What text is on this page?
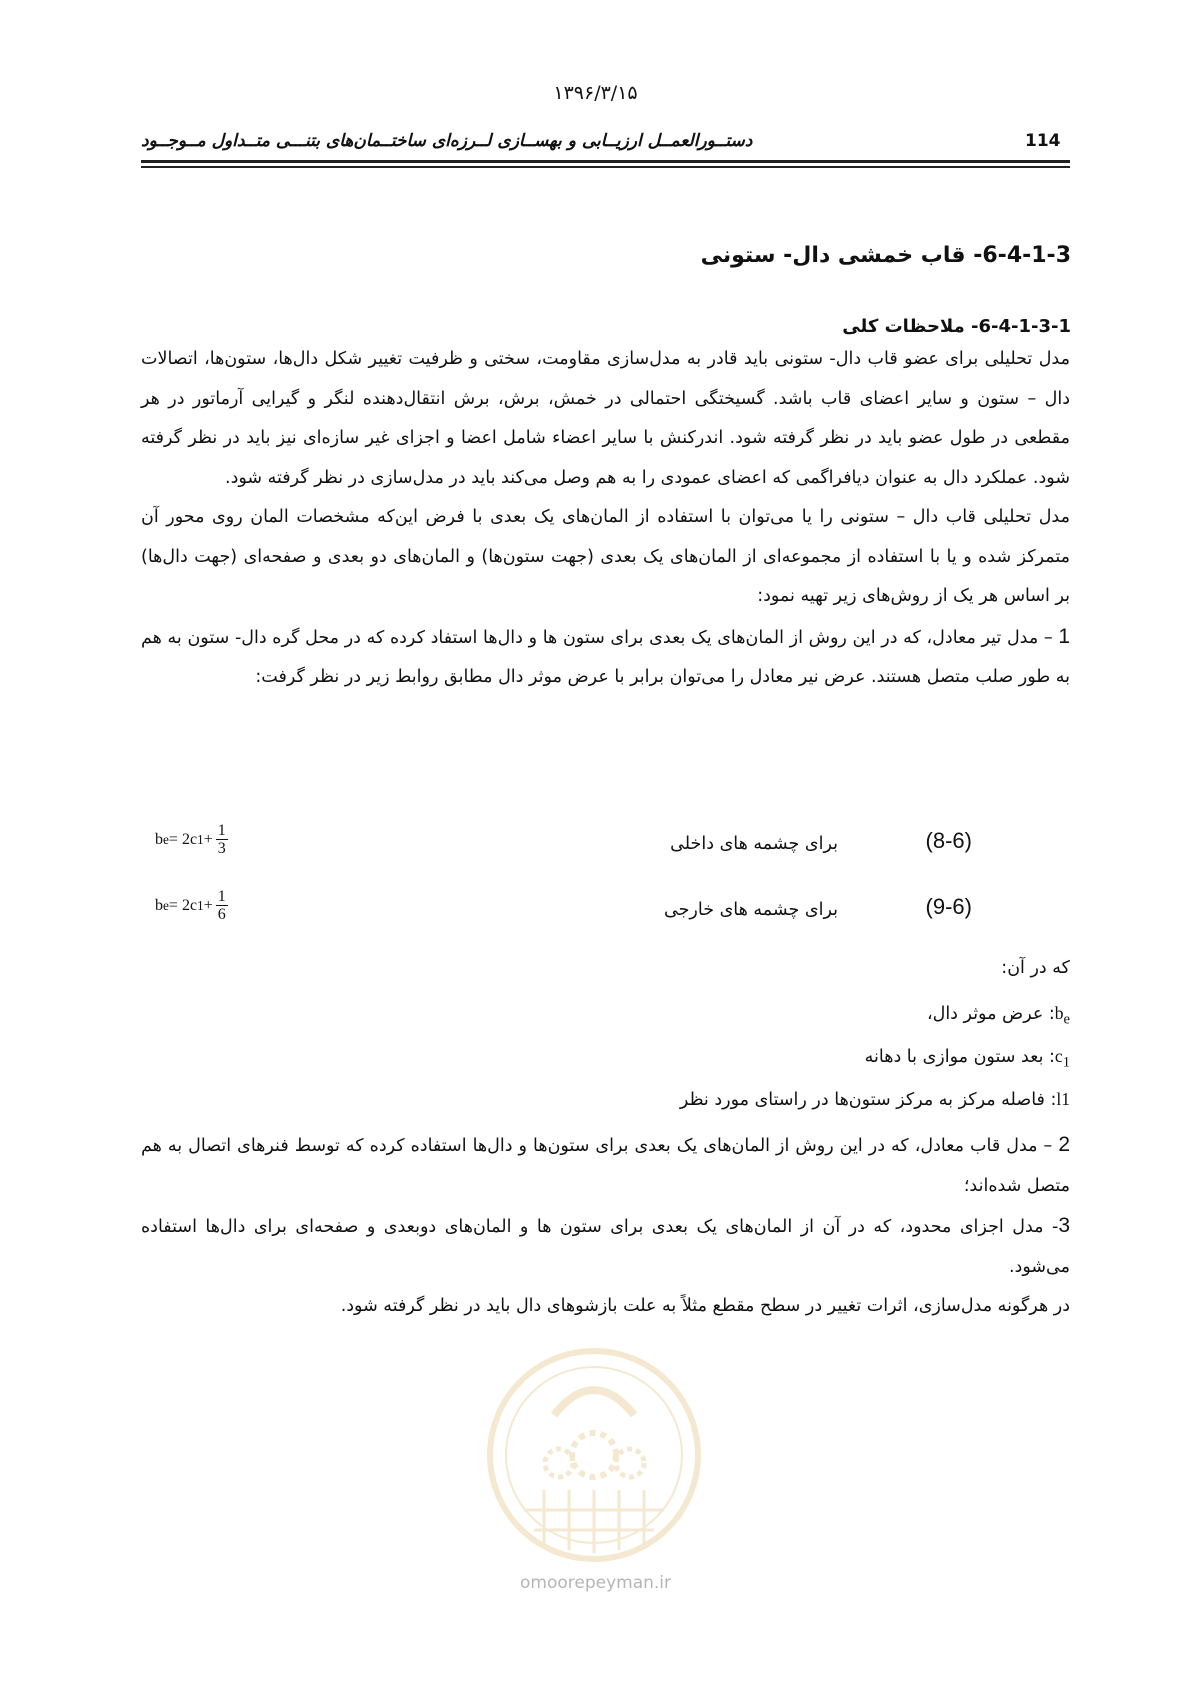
۱۳۹۶/۳/۱۵
دستــورالعمــل ارزیــابی و بهســازی لــرزه‌ای ساختــمان‌های بتنـــی متــداول مــوجــود	114
6-4-1-3- قاب خمشی دال- ستونی
6-4-1-3-1- ملاحظات کلی

مدل تحلیلی برای عضو قاب دال- ستونی باید قادر به مدل‌سازی مقاومت، سختی و ظرفیت تغییر شکل دال‌ها، ستون‌ها، اتصالات دال – ستون و سایر اعضای قاب باشد. گسیختگی احتمالی در خمش، برش، برش انتقال‌دهنده لنگر و گیرایی آرماتور در هر مقطعی در طول عضو باید در نظر گرفته شود. اندرکنش با سایر اعضاء شامل اعضا و اجزای غیر سازه‌ای نیز باید در نظر گرفته شود. عملکرد دال به عنوان دیافراگمی که اعضای عمودی را به هم وصل می‌کند باید در مدل‌سازی در نظر گرفته شود.

مدل تحلیلی قاب دال – ستونی را یا می‌توان با استفاده از المان‌های یک بعدی با فرض این‌که مشخصات المان روی محور آن متمرکز شده و یا با استفاده از مجموعه‌ای از المان‌های یک بعدی (جهت ستون‌ها) و المان‌های دو بعدی و صفحه‌ای (جهت دال‌ها) بر اساس هر یک از روش‌های زیر تهیه نمود:

1 – مدل تیر معادل، که در این روش از المان‌های یک بعدی برای ستون ها و دال‌ها استفاد کرده که در محل گره دال- ستون به هم به طور صلب متصل هستند. عرض نیر معادل را می‌توان برابر با عرض موثر دال مطابق روابط زیر در نظر گرفت:

b e = 2c $1 + \frac{1}{3}$	برای چشمه های داخلی	(8-6)
b e = 2c $1 + \frac{1}{6}$	برای چشمه های خارجی	(9-6)
که در آن:
$b_e$: عرض موثر دال،
$c_1$: بعد ستون موازی با دهانه
l1: فاصله مرکز به مرکز ستون‌ها در راستای مورد نظر

2 – مدل قاب معادل، که در این روش از المان‌های یک بعدی برای ستون‌ها و دال‌ها استفاده کرده که توسط فنرهای اتصال به هم متصل شده‌اند؛

3- مدل اجزای محدود، که در آن از المان‌های یک بعدی برای ستون ها و المان‌های دوبعدی و صفحه‌ای برای دال‌ها استفاده می‌شود.

در هرگونه مدل‌سازی، اثرات تغییر در سطح مقطع مثلاً به علت بازشوهای دال باید در نظر گرفته شود.

omoorepeyman.ir
